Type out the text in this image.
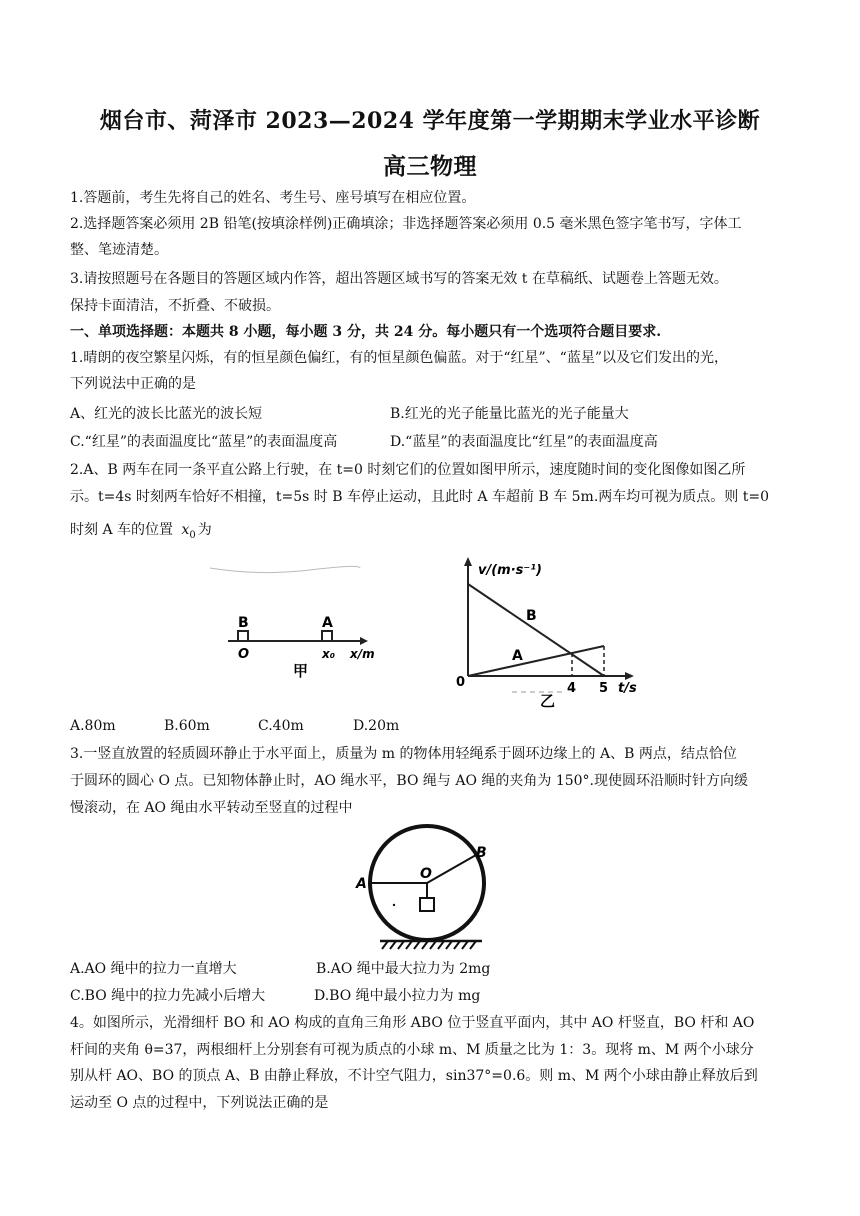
烟台市、菏泽市 2023—2024 学年度第一学期期末学业水平诊断
高三物理
1.答题前，考生先将自己的姓名、考生号、座号填写在相应位置。
2.选择题答案必须用 2B 铅笔(按填涂样例)正确填涂；非选择题答案必须用 0.5 毫米黑色签字笔书写，字体工
整、笔迹清楚。
3.请按照题号在各题目的答题区域内作答，超出答题区域书写的答案无效 t 在草稿纸、试题卷上答题无效。
保持卡面清洁，不折叠、不破损。
一、单项选择题：本题共 8 小题，每小题 3 分，共 24 分。每小题只有一个选项符合题目要求.
1.晴朗的夜空繁星闪烁，有的恒星颜色偏红，有的恒星颜色偏蓝。对于“红星”、“蓝星”以及它们发出的光，
下列说法中正确的是
A、红光的波长比蓝光的波长短	B.红光的光子能量比蓝光的光子能量大
C.“红星”的表面温度比“蓝星”的表面温度高	D.“蓝星”的表面温度比“红星”的表面温度高
2.A、B 两车在同一条平直公路上行驶，在 t=0 时刻它们的位置如图甲所示，速度随时间的变化图像如图乙所
示。t=4s 时刻两车恰好不相撞，t=5s 时 B 车停止运动，且此时 A 车超前 B 车 5m.两车均可视为质点。则 t=0
时刻 A 车的位置 $x_0$ 为
B	A
O	x₀ x/m
甲
v/(m·s⁻¹)
B
A
0	4 5 t/s
乙
A.80m	B.60m	C.40m	D.20m
3.一竖直放置的轻质圆环静止于水平面上，质量为 m 的物体用轻绳系于圆环边缘上的 A、B 两点，结点恰位
于圆环的圆心 O 点。已知物体静止时，AO 绳水平，BO 绳与 AO 绳的夹角为 150°.现使圆环沿顺时针方向缓
慢滚动，在 AO 绳由水平转动至竖直的过程中
A
B
O
A.AO 绳中的拉力一直增大	B.AO 绳中最大拉力为 2mg
C.BO 绳中的拉力先减小后增大	D.BO 绳中最小拉力为 mg
4。如图所示，光滑细杆 BO 和 AO 构成的直角三角形 ABO 位于竖直平面内，其中 AO 杆竖直，BO 杆和 AO
杆间的夹角 θ=37，两根细杆上分别套有可视为质点的小球 m、M 质量之比为 1：3。现将 m、M 两个小球分
别从杆 AO、BO 的顶点 A、B 由静止释放，不计空气阻力，sin37°=0.6。则 m、M 两个小球由静止释放后到
运动至 O 点的过程中，下列说法正确的是
